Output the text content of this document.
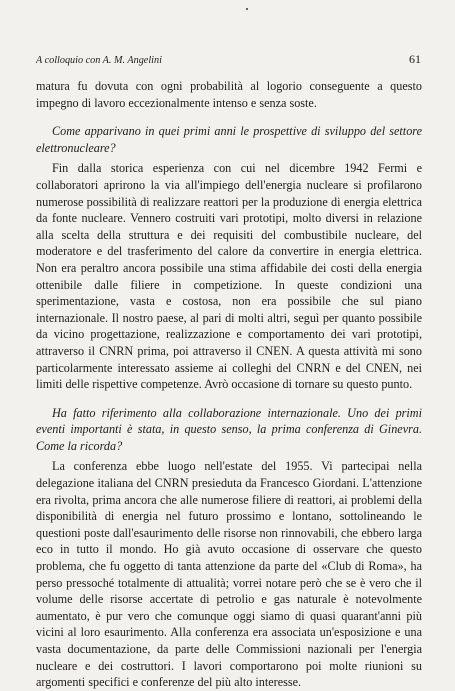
A colloquio con A. M. Angelini	61

matura fu dovuta con ogni probabilità al logorio conseguente a questo impegno di lavoro eccezionalmente intenso e senza soste.

Come apparivano in quei primi anni le prospettive di sviluppo del settore elettronucleare?

Fin dalla storica esperienza con cui nel dicembre 1942 Fermi e collaboratori aprirono la via all'impiego dell'energia nucleare si profilarono numerose possibilità di realizzare reattori per la produzione di energia elettrica da fonte nucleare. Vennero costruiti vari prototipi, molto diversi in relazione alla scelta della struttura e dei requisiti del combustibile nucleare, del moderatore e del trasferimento del calore da convertire in energia elettrica. Non era peraltro ancora possibile una stima affidabile dei costi della energia ottenibile dalle filiere in competizione. In queste condizioni una sperimentazione, vasta e costosa, non era possibile che sul piano internazionale. Il nostro paese, al pari di molti altri, seguì per quanto possibile da vicino progettazione, realizzazione e comportamento dei vari prototipi, attraverso il CNRN prima, poi attraverso il CNEN. A questa attività mi sono particolarmente interessato assieme ai colleghi del CNRN e del CNEN, nei limiti delle rispettive competenze. Avrò occasione di tornare su questo punto.

Ha fatto riferimento alla collaborazione internazionale. Uno dei primi eventi importanti è stata, in questo senso, la prima conferenza di Ginevra. Come la ricorda?

La conferenza ebbe luogo nell'estate del 1955. Vi partecipai nella delegazione italiana del CNRN presieduta da Francesco Giordani. L'attenzione era rivolta, prima ancora che alle numerose filiere di reattori, ai problemi della disponibilità di energia nel futuro prossimo e lontano, sottolineando le questioni poste dall'esaurimento delle risorse non rinnovabili, che ebbero larga eco in tutto il mondo. Ho già avuto occasione di osservare che questo problema, che fu oggetto di tanta attenzione da parte del «Club di Roma», ha perso pressoché totalmente di attualità; vorrei notare però che se è vero che il volume delle risorse accertate di petrolio e gas naturale è notevolmente aumentato, è pur vero che comunque oggi siamo di quasi quarant'anni più vicini al loro esaurimento. Alla conferenza era associata un'esposizione e una vasta documentazione, da parte delle Commissioni nazionali per l'energia nucleare e dei costruttori. I lavori comportarono poi molte riunioni su argomenti specifici e conferenze del più alto interesse.
